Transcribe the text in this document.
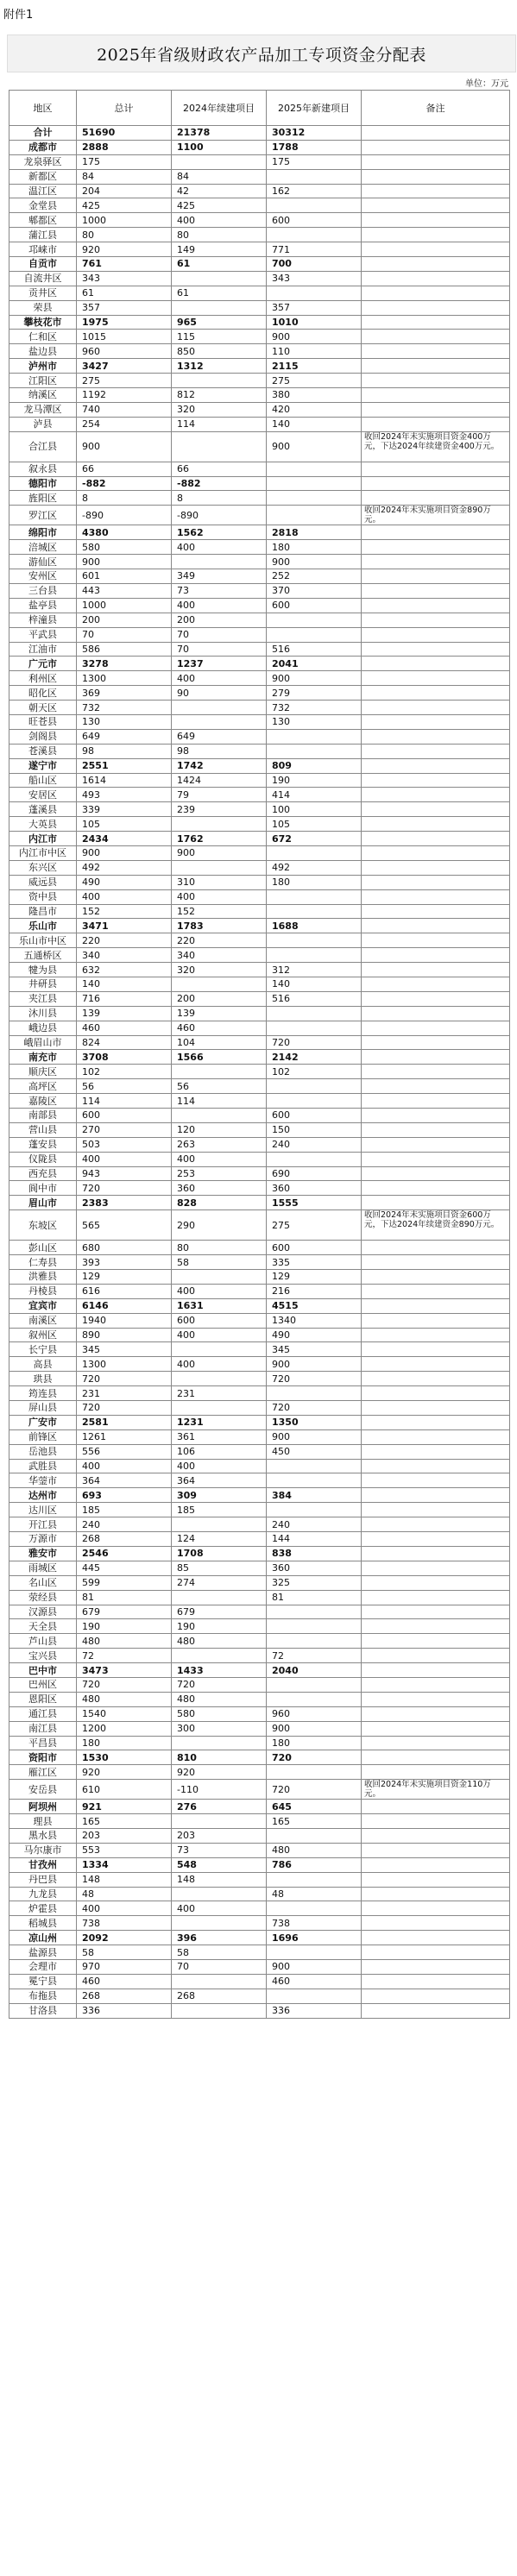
附件1
2025年省级财政农产品加工专项资金分配表
单位：万元
地区	总计	2024年续建项目	2025年新建项目	备注
合计	51690	21378	30312	
成都市	2888	1100	1788	
龙泉驿区	175		175	
新都区	84	84		
温江区	204	42	162	
金堂县	425	425		
郫都区	1000	400	600	
蒲江县	80	80		
邛崃市	920	149	771	
自贡市	761	61	700	
自流井区	343		343	
贡井区	61	61		
荣县	357		357	
攀枝花市	1975	965	1010	
仁和区	1015	115	900	
盐边县	960	850	110	
泸州市	3427	1312	2115	
江阳区	275		275	
纳溪区	1192	812	380	
龙马潭区	740	320	420	
泸县	254	114	140	
合江县	900		900	收回2024年未实施项目资金400万元，下达2024年续建资金400万元。
叙永县	66	66		
德阳市	-882	-882		
旌阳区	8	8		
罗江区	-890	-890		收回2024年未实施项目资金890万元。
绵阳市	4380	1562	2818	
涪城区	580	400	180	
游仙区	900		900	
安州区	601	349	252	
三台县	443	73	370	
盐亭县	1000	400	600	
梓潼县	200	200		
平武县	70	70		
江油市	586	70	516	
广元市	3278	1237	2041	
利州区	1300	400	900	
昭化区	369	90	279	
朝天区	732		732	
旺苍县	130		130	
剑阁县	649	649		
苍溪县	98	98		
遂宁市	2551	1742	809	
船山区	1614	1424	190	
安居区	493	79	414	
蓬溪县	339	239	100	
大英县	105		105	
内江市	2434	1762	672	
内江市中区	900	900		
东兴区	492		492	
威远县	490	310	180	
资中县	400	400		
隆昌市	152	152		
乐山市	3471	1783	1688	
乐山市中区	220	220		
五通桥区	340	340		
犍为县	632	320	312	
井研县	140		140	
夹江县	716	200	516	
沐川县	139	139		
峨边县	460	460		
峨眉山市	824	104	720	
南充市	3708	1566	2142	
顺庆区	102		102	
高坪区	56	56		
嘉陵区	114	114		
南部县	600		600	
营山县	270	120	150	
蓬安县	503	263	240	
仪陇县	400	400		
西充县	943	253	690	
阆中市	720	360	360	
眉山市	2383	828	1555	
东坡区	565	290	275	收回2024年未实施项目资金600万元，下达2024年续建资金890万元。
彭山区	680	80	600	
仁寿县	393	58	335	
洪雅县	129		129	
丹棱县	616	400	216	
宜宾市	6146	1631	4515	
南溪区	1940	600	1340	
叙州区	890	400	490	
长宁县	345		345	
高县	1300	400	900	
珙县	720		720	
筠连县	231	231		
屏山县	720		720	
广安市	2581	1231	1350	
前锋区	1261	361	900	
岳池县	556	106	450	
武胜县	400	400		
华蓥市	364	364		
达州市	693	309	384	
达川区	185	185		
开江县	240		240	
万源市	268	124	144	
雅安市	2546	1708	838	
雨城区	445	85	360	
名山区	599	274	325	
荥经县	81		81	
汉源县	679	679		
天全县	190	190		
芦山县	480	480		
宝兴县	72		72	
巴中市	3473	1433	2040	
巴州区	720	720		
恩阳区	480	480		
通江县	1540	580	960	
南江县	1200	300	900	
平昌县	180		180	
资阳市	1530	810	720	
雁江区	920	920		
安岳县	610	-110	720	收回2024年未实施项目资金110万元。
阿坝州	921	276	645	
理县	165		165	
黑水县	203	203		
马尔康市	553	73	480	
甘孜州	1334	548	786	
丹巴县	148	148		
九龙县	48		48	
炉霍县	400	400		
稻城县	738		738	
凉山州	2092	396	1696	
盐源县	58	58		
会理市	970	70	900	
冕宁县	460		460	
布拖县	268	268		
甘洛县	336		336	
